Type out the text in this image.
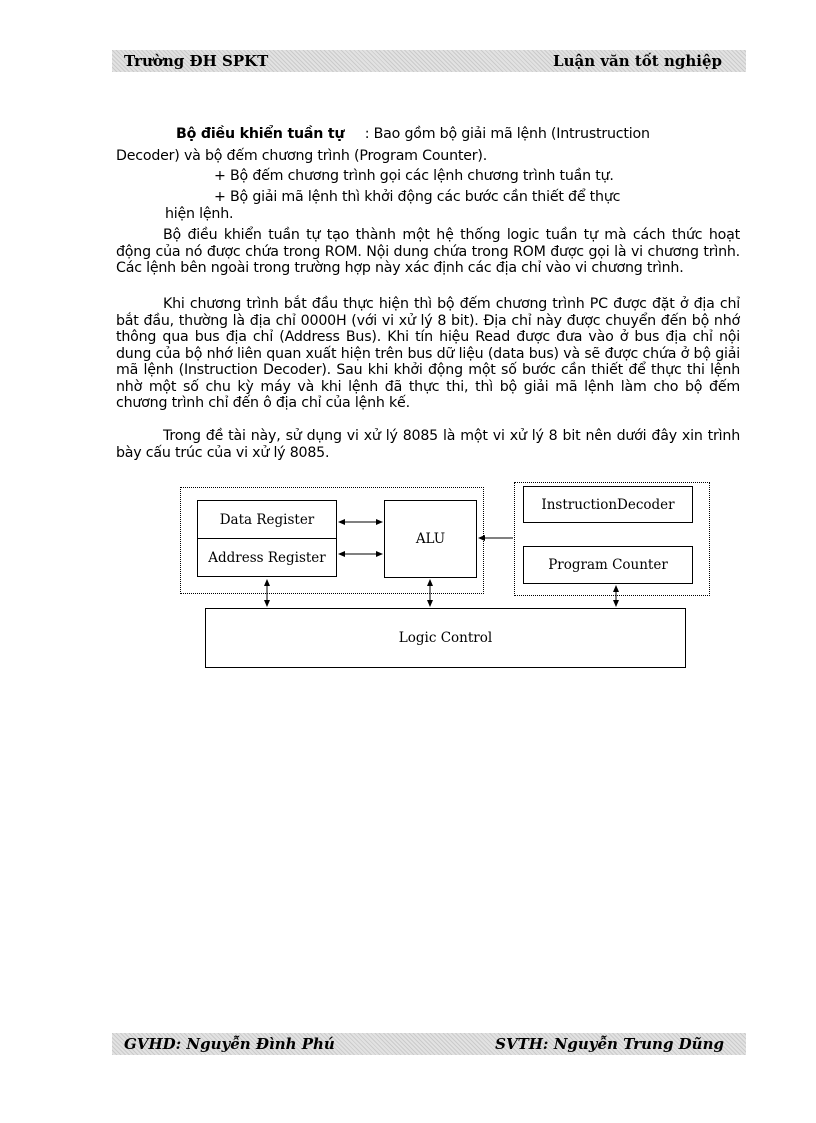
Trường ĐH SPKT	Luận văn tốt nghiệp
Bộ điều khiển tuần tự : Bao gồm bộ giải mã lệnh (Intrustruction
Decoder) và bộ đếm chương trình (Program Counter).
+ Bộ đếm chương trình gọi các lệnh chương trình tuần tự.
+ Bộ giải mã lệnh thì khởi động các bước cần thiết để thực
hiện lệnh.

Bộ điều khiển tuần tự tạo thành một hệ thống logic tuần tự mà cách thức hoạt động của nó được chứa trong ROM. Nội dung chứa trong ROM được gọi là vi chương trình. Các lệnh bên ngoài trong trường hợp này xác định các địa chỉ vào vi chương trình.

Khi chương trình bắt đầu thực hiện thì bộ đếm chương trình PC được đặt ở địa chỉ bắt đầu, thường là địa chỉ 0000H (với vi xử lý 8 bit). Địa chỉ này được chuyển đến bộ nhớ thông qua bus địa chỉ (Address Bus). Khi tín hiệu Read được đưa vào ở bus địa chỉ nội dung của bộ nhớ liên quan xuất hiện trên bus dữ liệu (data bus) và sẽ được chứa ở bộ giải mã lệnh (Instruction Decoder). Sau khi khởi động một số bước cần thiết để thực thi lệnh nhờ một số chu kỳ máy và khi lệnh đã thực thi, thì bộ giải mã lệnh làm cho bộ đếm chương trình chỉ đến ô địa chỉ của lệnh kế.

Trong đề tài này, sử dụng vi xử lý 8085 là một vi xử lý 8 bit nên dưới đây xin trình bày cấu trúc của vi xử lý 8085.

Data Register
Address Register
ALU
InstructionDecoder
Program Counter
Logic Control
GVHD: Nguyễn Đình Phú	SVTH: Nguyễn Trung Dũng
